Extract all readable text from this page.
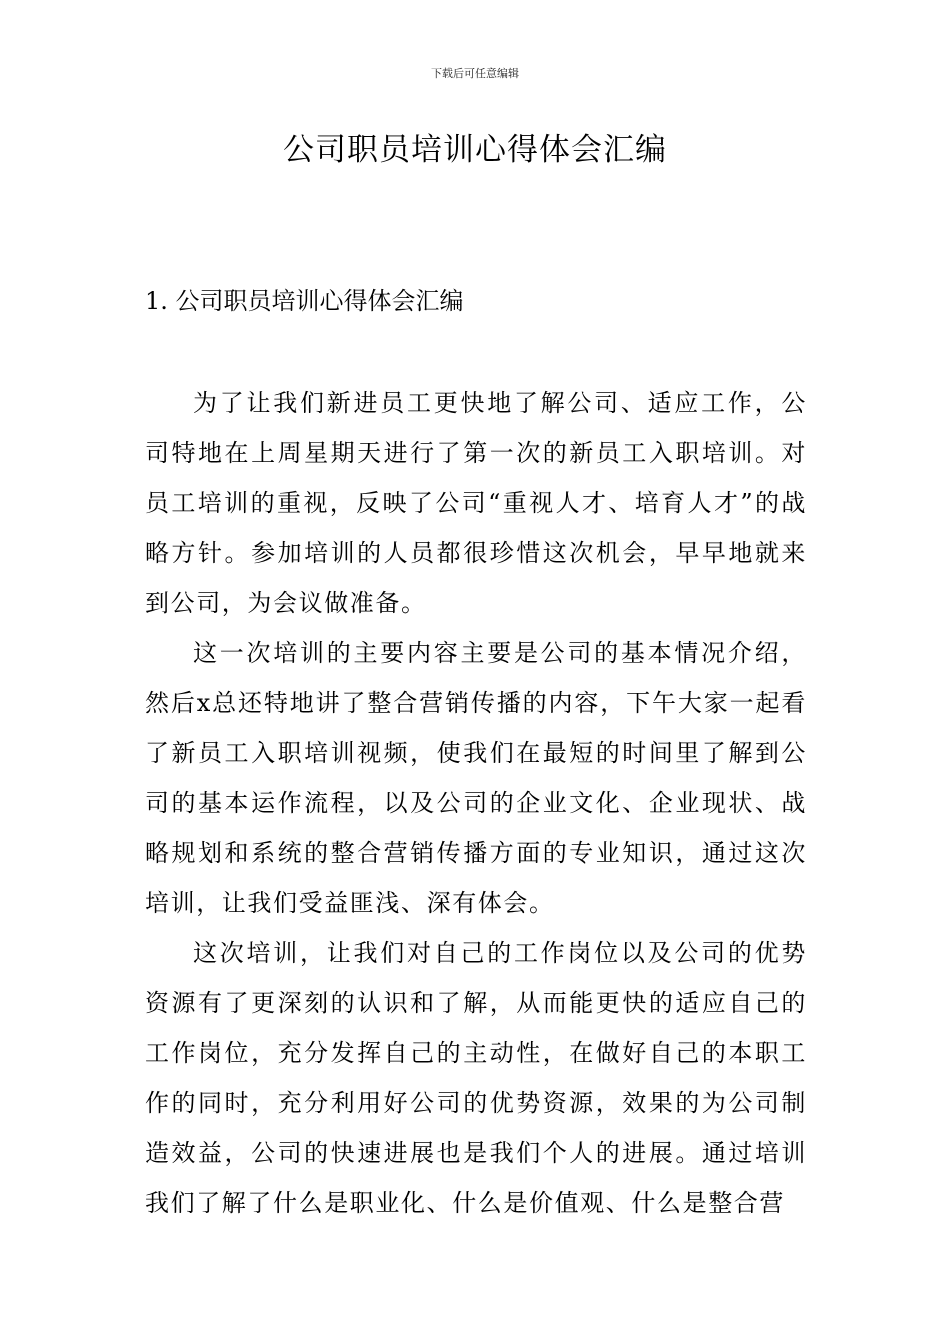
下载后可任意编辑
公司职员培训心得体会汇编
1. 公司职员培训心得体会汇编

为了让我们新进员工更快地了解公司、适应工作，公司特地在上周星期天进行了第一次的新员工入职培训。对员工培训的重视，反映了公司“重视人才、培育人才”的战略方针。参加培训的人员都很珍惜这次机会，早早地就来到公司，为会议做准备。

这一次培训的主要内容主要是公司的基本情况介绍，然后x总还特地讲了整合营销传播的内容，下午大家一起看了新员工入职培训视频，使我们在最短的时间里了解到公司的基本运作流程，以及公司的企业文化、企业现状、战略规划和系统的整合营销传播方面的专业知识，通过这次培训，让我们受益匪浅、深有体会。

这次培训，让我们对自己的工作岗位以及公司的优势资源有了更深刻的认识和了解，从而能更快的适应自己的工作岗位，充分发挥自己的主动性，在做好自己的本职工作的同时，充分利用好公司的优势资源，效果的为公司制造效益，公司的快速进展也是我们个人的进展。通过培训我们了解了什么是职业化、什么是价值观、什么是整合营
